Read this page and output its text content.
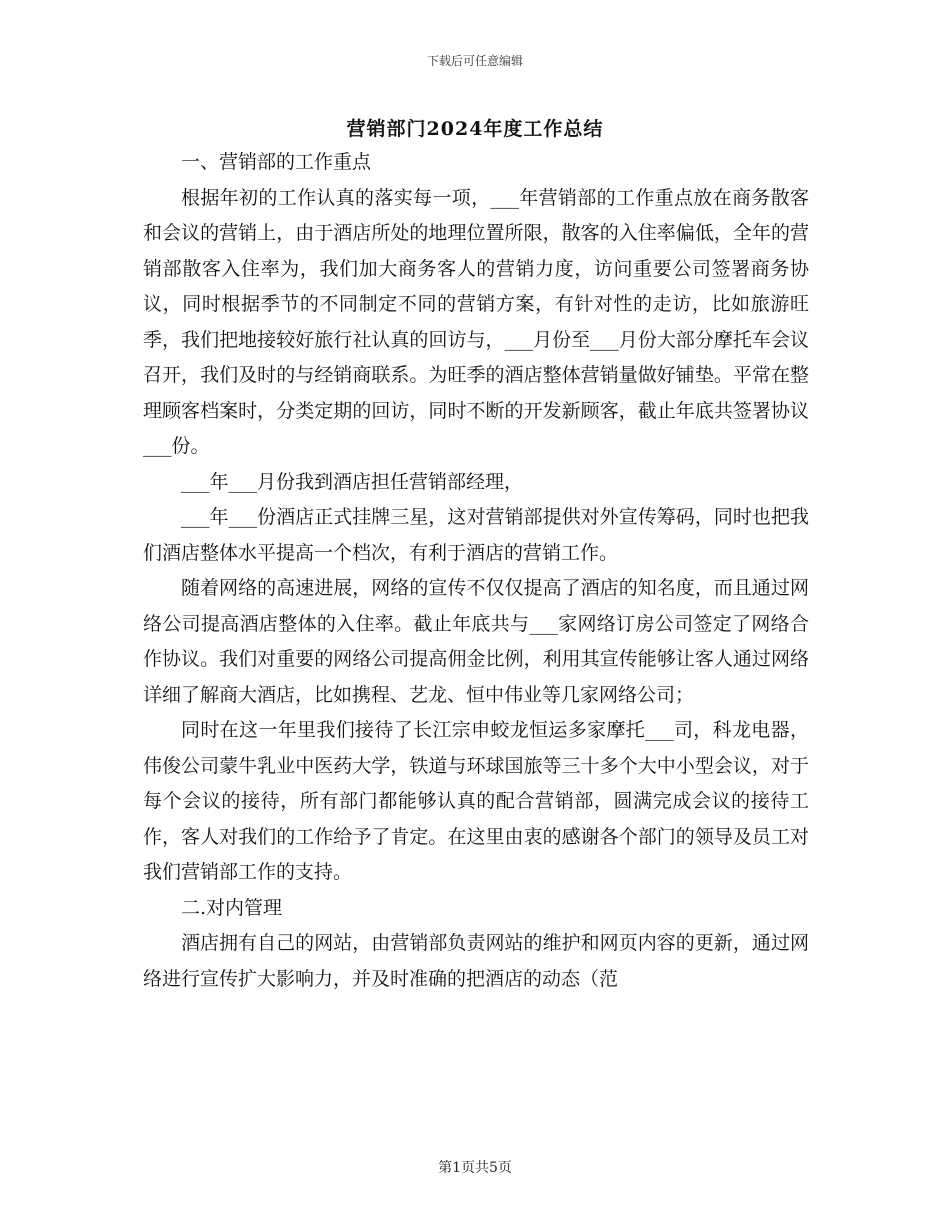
下载后可任意编辑
营销部门2024年度工作总结

一、营销部的工作重点

根据年初的工作认真的落实每一项，___年营销部的工作重点放在商务散客和会议的营销上，由于酒店所处的地理位置所限，散客的入住率偏低，全年的营销部散客入住率为，我们加大商务客人的营销力度，访问重要公司签署商务协议，同时根据季节的不同制定不同的营销方案，有针对性的走访，比如旅游旺季，我们把地接较好旅行社认真的回访与，___月份至___月份大部分摩托车会议召开，我们及时的与经销商联系。为旺季的酒店整体营销量做好铺垫。平常在整理顾客档案时，分类定期的回访，同时不断的开发新顾客，截止年底共签署协议___份。

___年___月份我到酒店担任营销部经理，

___年___份酒店正式挂牌三星，这对营销部提供对外宣传筹码，同时也把我们酒店整体水平提高一个档次，有利于酒店的营销工作。

随着网络的高速进展，网络的宣传不仅仅提高了酒店的知名度，而且通过网络公司提高酒店整体的入住率。截止年底共与___家网络订房公司签定了网络合作协议。我们对重要的网络公司提高佣金比例，利用其宣传能够让客人通过网络详细了解商大酒店，比如携程、艺龙、恒中伟业等几家网络公司；

同时在这一年里我们接待了长江宗申蛟龙恒运多家摩托___司，科龙电器，伟俊公司蒙牛乳业中医药大学，铁道与环球国旅等三十多个大中小型会议，对于每个会议的接待，所有部门都能够认真的配合营销部，圆满完成会议的接待工作，客人对我们的工作给予了肯定。在这里由衷的感谢各个部门的领导及员工对我们营销部工作的支持。

二.对内管理

酒店拥有自己的网站，由营销部负责网站的维护和网页内容的更新，通过网络进行宣传扩大影响力，并及时准确的把酒店的动态（范

第1页共5页
